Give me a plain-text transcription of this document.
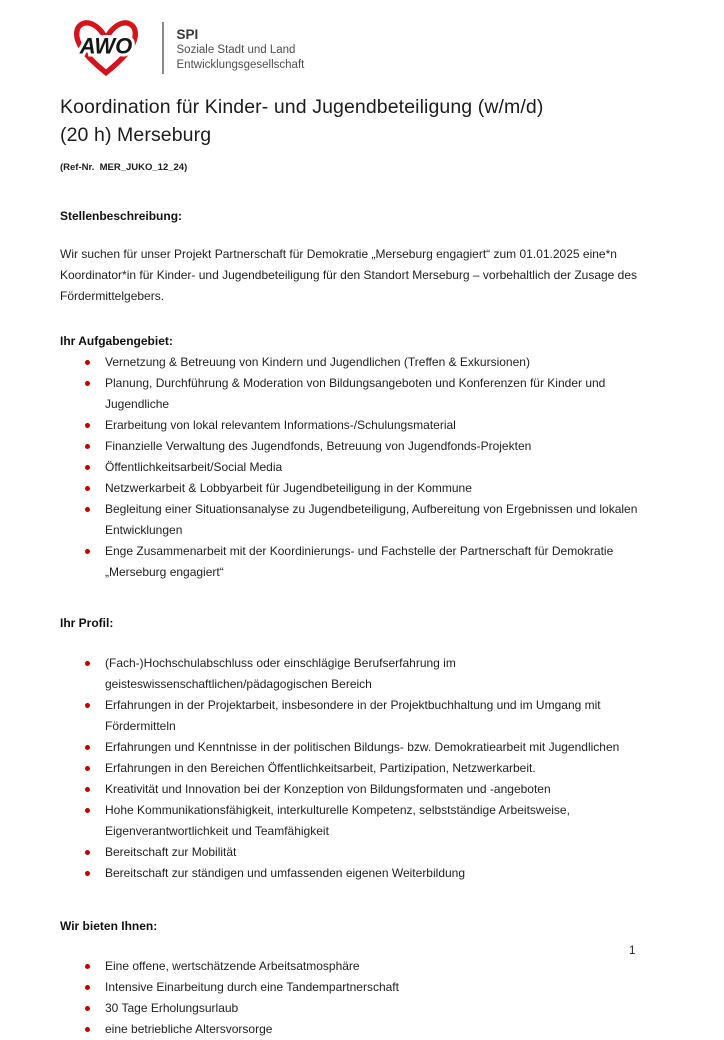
AWO	SPI
Soziale Stadt und Land
Entwicklungsgesellschaft
Koordination für Kinder- und Jugendbeteiligung (w/m/d)
(20 h) Merseburg
(Ref-Nr.  MER_JUKO_12_24)
Stellenbeschreibung:

Wir suchen für unser Projekt Partnerschaft für Demokratie „Merseburg engagiert“ zum 01.01.2025 eine*n Koordinator*in für Kinder- und Jugendbeteiligung für den Standort Merseburg – vorbehaltlich der Zusage des Fördermittelgebers.

Ihr Aufgabengebiet:
Vernetzung & Betreuung von Kindern und Jugendlichen (Treffen & Exkursionen)
Planung, Durchführung & Moderation von Bildungsangeboten und Konferenzen für Kinder und Jugendliche
Erarbeitung von lokal relevantem Informations-/Schulungsmaterial
Finanzielle Verwaltung des Jugendfonds, Betreuung von Jugendfonds-Projekten
Öffentlichkeitsarbeit/Social Media
Netzwerkarbeit & Lobbyarbeit für Jugendbeteiligung in der Kommune
Begleitung einer Situationsanalyse zu Jugendbeteiligung, Aufbereitung von Ergebnissen und lokalen Entwicklungen
Enge Zusammenarbeit mit der Koordinierungs- und Fachstelle der Partnerschaft für Demokratie „Merseburg engagiert“
Ihr Profil:
(Fach-)Hochschulabschluss oder einschlägige Berufserfahrung im geisteswissenschaftlichen/pädagogischen Bereich
Erfahrungen in der Projektarbeit, insbesondere in der Projektbuchhaltung und im Umgang mit Fördermitteln
Erfahrungen und Kenntnisse in der politischen Bildungs- bzw. Demokratiearbeit mit Jugendlichen
Erfahrungen in den Bereichen Öffentlichkeitsarbeit, Partizipation, Netzwerkarbeit.
Kreativität und Innovation bei der Konzeption von Bildungsformaten und -angeboten
Hohe Kommunikationsfähigkeit, interkulturelle Kompetenz, selbstständige Arbeitsweise, Eigenverantwortlichkeit und Teamfähigkeit
Bereitschaft zur Mobilität
Bereitschaft zur ständigen und umfassenden eigenen Weiterbildung
Wir bieten Ihnen:
Eine offene, wertschätzende Arbeitsatmosphäre
Intensive Einarbeitung durch eine Tandempartnerschaft
30 Tage Erholungsurlaub
eine betriebliche Altersvorsorge
1
